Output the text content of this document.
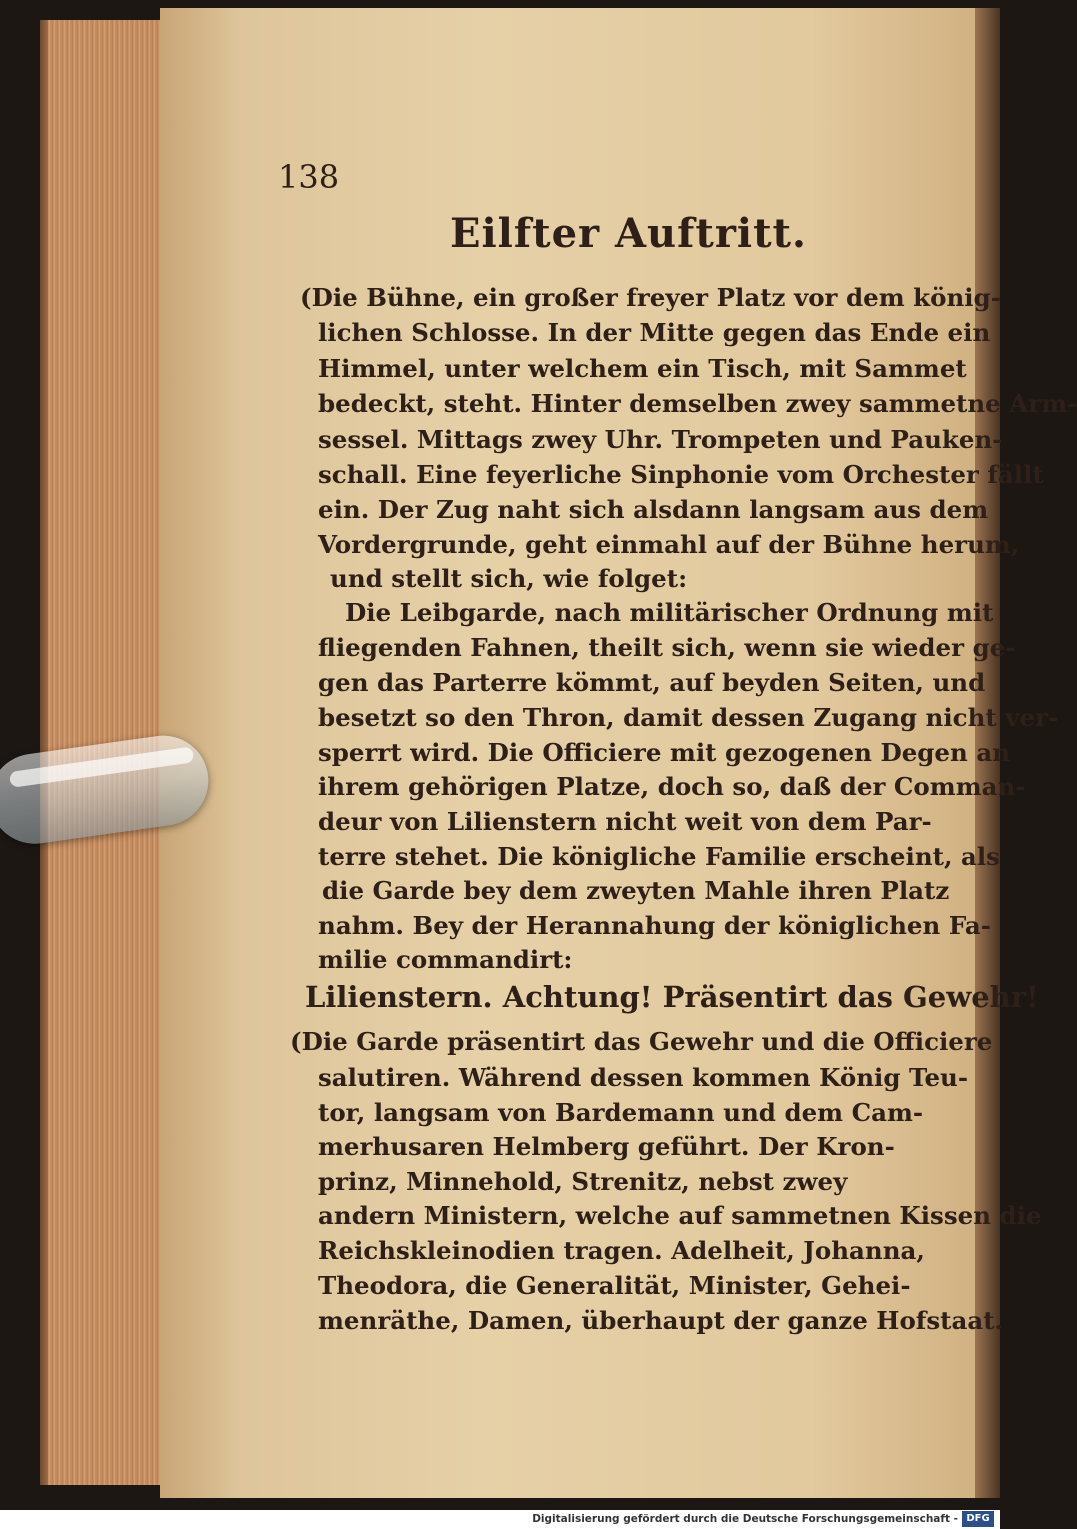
138
Eilfter Auftritt.
(Die Bühne, ein großer freyer Platz vor dem könig-
lichen Schlosse. In der Mitte gegen das Ende ein
Himmel, unter welchem ein Tisch, mit Sammet
bedeckt, steht. Hinter demselben zwey sammetne Arm-
sessel. Mittags zwey Uhr. Trompeten und Pauken-
schall. Eine feyerliche Sinphonie vom Orchester fällt
ein. Der Zug naht sich alsdann langsam aus dem
Vordergrunde, geht einmahl auf der Bühne herum,
und stellt sich, wie folget:
Die Leibgarde, nach militärischer Ordnung mit
fliegenden Fahnen, theilt sich, wenn sie wieder ge-
gen das Parterre kömmt, auf beyden Seiten, und
besetzt so den Thron, damit dessen Zugang nicht ver-
sperrt wird. Die Officiere mit gezogenen Degen an
ihrem gehörigen Platze, doch so, daß der Comman-
deur von Lilienstern nicht weit von dem Par-
terre stehet. Die königliche Familie erscheint, als
die Garde bey dem zweyten Mahle ihren Platz
nahm. Bey der Herannahung der königlichen Fa-
milie commandirt:
Lilienstern. Achtung! Präsentirt das Gewehr!
(Die Garde präsentirt das Gewehr und die Officiere
salutiren. Während dessen kommen König Teu-
tor, langsam von Bardemann und dem Cam-
merhusaren Helmberg geführt. Der Kron-
prinz, Minnehold, Strenitz, nebst zwey
andern Ministern, welche auf sammetnen Kissen die
Reichskleinodien tragen. Adelheit, Johanna,
Theodora, die Generalität, Minister, Gehei-
menräthe, Damen, überhaupt der ganze Hofstaat.
Digitalisierung gefördert durch die Deutsche Forschungsgemeinschaft - DFG
